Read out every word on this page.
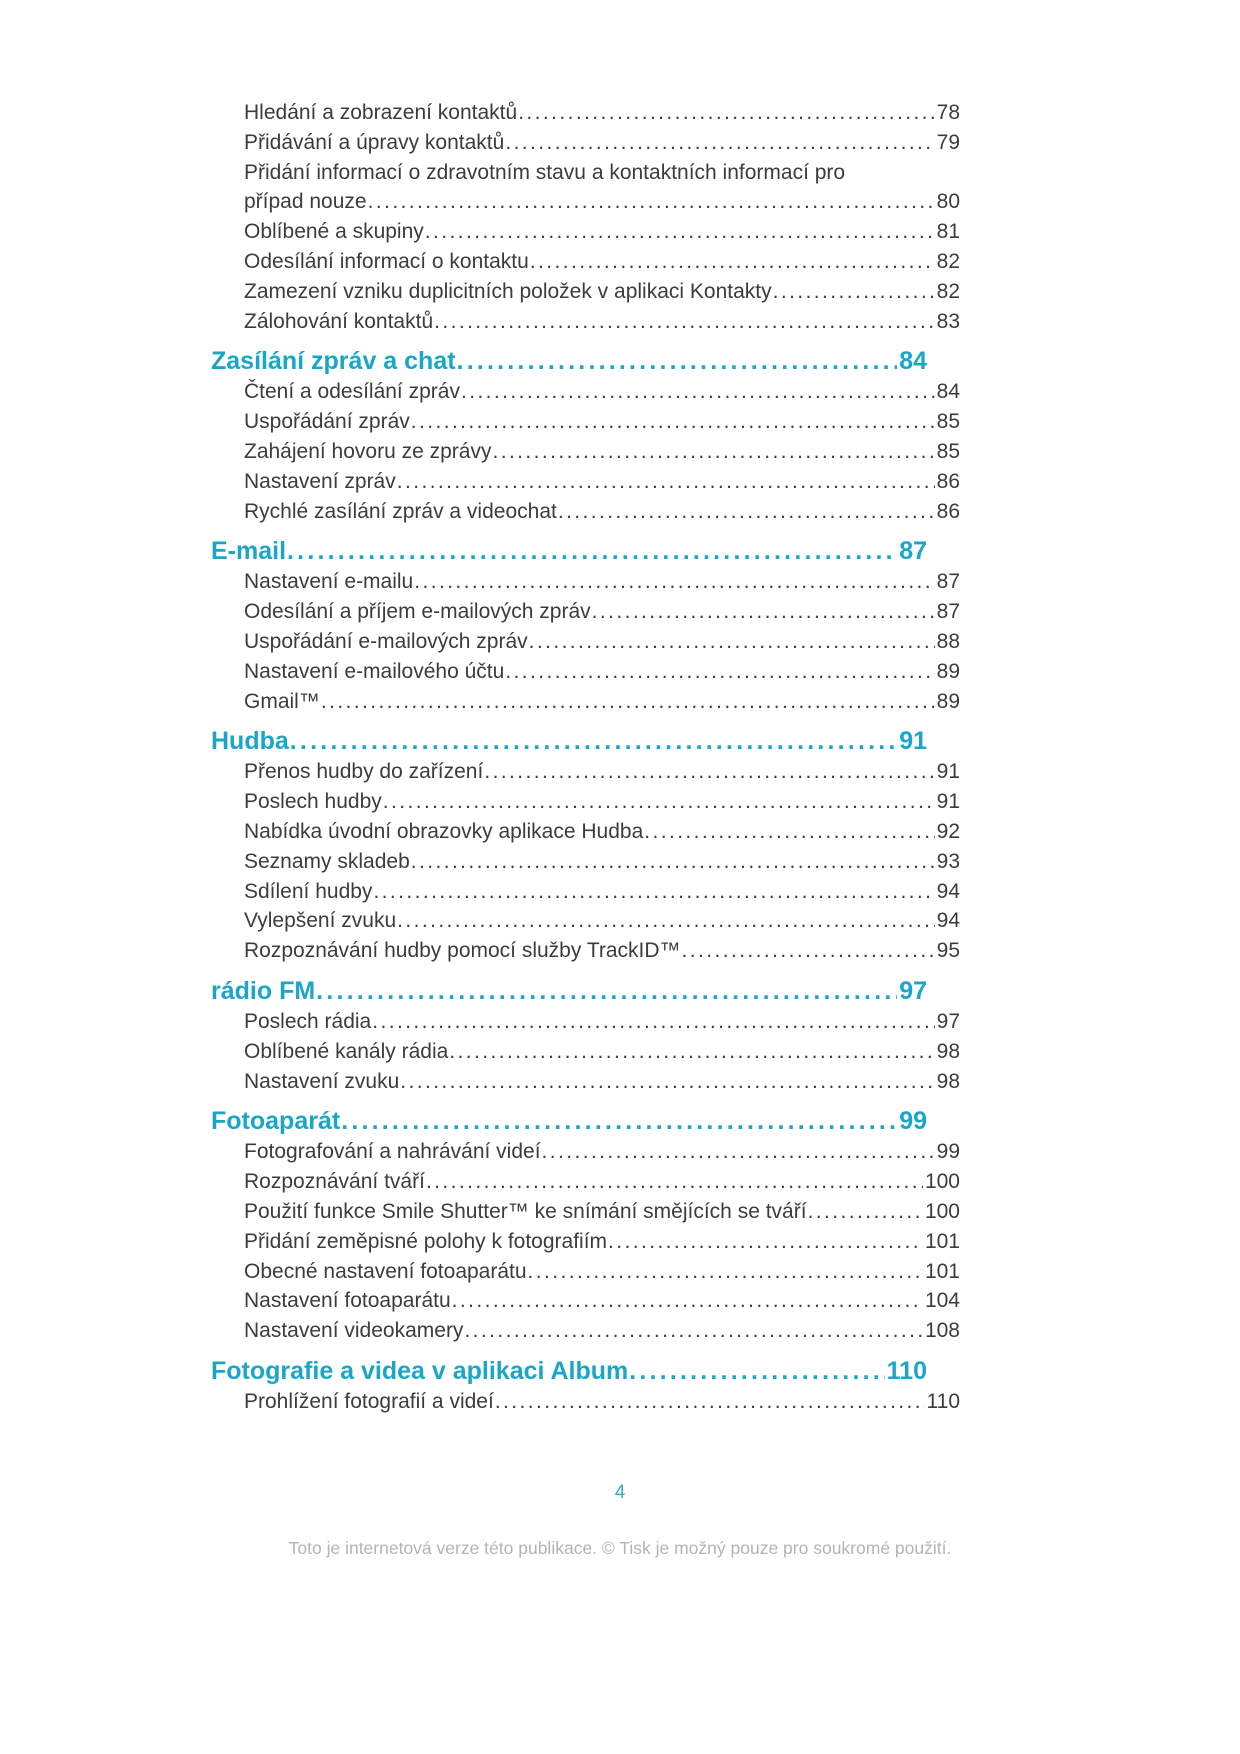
Hledání a zobrazení kontaktů .....	78
Přidávání a úpravy kontaktů .....	79
Přidání informací o zdravotním stavu a kontaktních informací pro
případ nouze .....	80
Oblíbené a skupiny .....	81
Odesílání informací o kontaktu .....	82
Zamezení vzniku duplicitních položek v aplikaci Kontakty .....	82
Zálohování kontaktů .....	83
Zasílání zpráv a chat .....	84
Čtení a odesílání zpráv .....	84
Uspořádání zpráv .....	85
Zahájení hovoru ze zprávy .....	85
Nastavení zpráv .....	86
Rychlé zasílání zpráv a videochat .....	86
E-mail .....	87
Nastavení e-mailu .....	87
Odesílání a příjem e-mailových zpráv .....	87
Uspořádání e-mailových zpráv .....	88
Nastavení e-mailového účtu .....	89
Gmail™ .....	89
Hudba .....	91
Přenos hudby do zařízení .....	91
Poslech hudby .....	91
Nabídka úvodní obrazovky aplikace Hudba .....	92
Seznamy skladeb .....	93
Sdílení hudby .....	94
Vylepšení zvuku .....	94
Rozpoznávání hudby pomocí služby TrackID™ .....	95
rádio FM .....	97
Poslech rádia .....	97
Oblíbené kanály rádia .....	98
Nastavení zvuku .....	98
Fotoaparát .....	99
Fotografování a nahrávání videí .....	99
Rozpoznávání tváří .....	100
Použití funkce Smile Shutter™ ke snímání smějících se tváří .....	100
Přidání zeměpisné polohy k fotografiím .....	101
Obecné nastavení fotoaparátu .....	101
Nastavení fotoaparátu .....	104
Nastavení videokamery .....	108
Fotografie a videa v aplikaci Album .....	110
Prohlížení fotografií a videí .....	110
4
Toto je internetová verze této publikace. © Tisk je možný pouze pro soukromé použití.
